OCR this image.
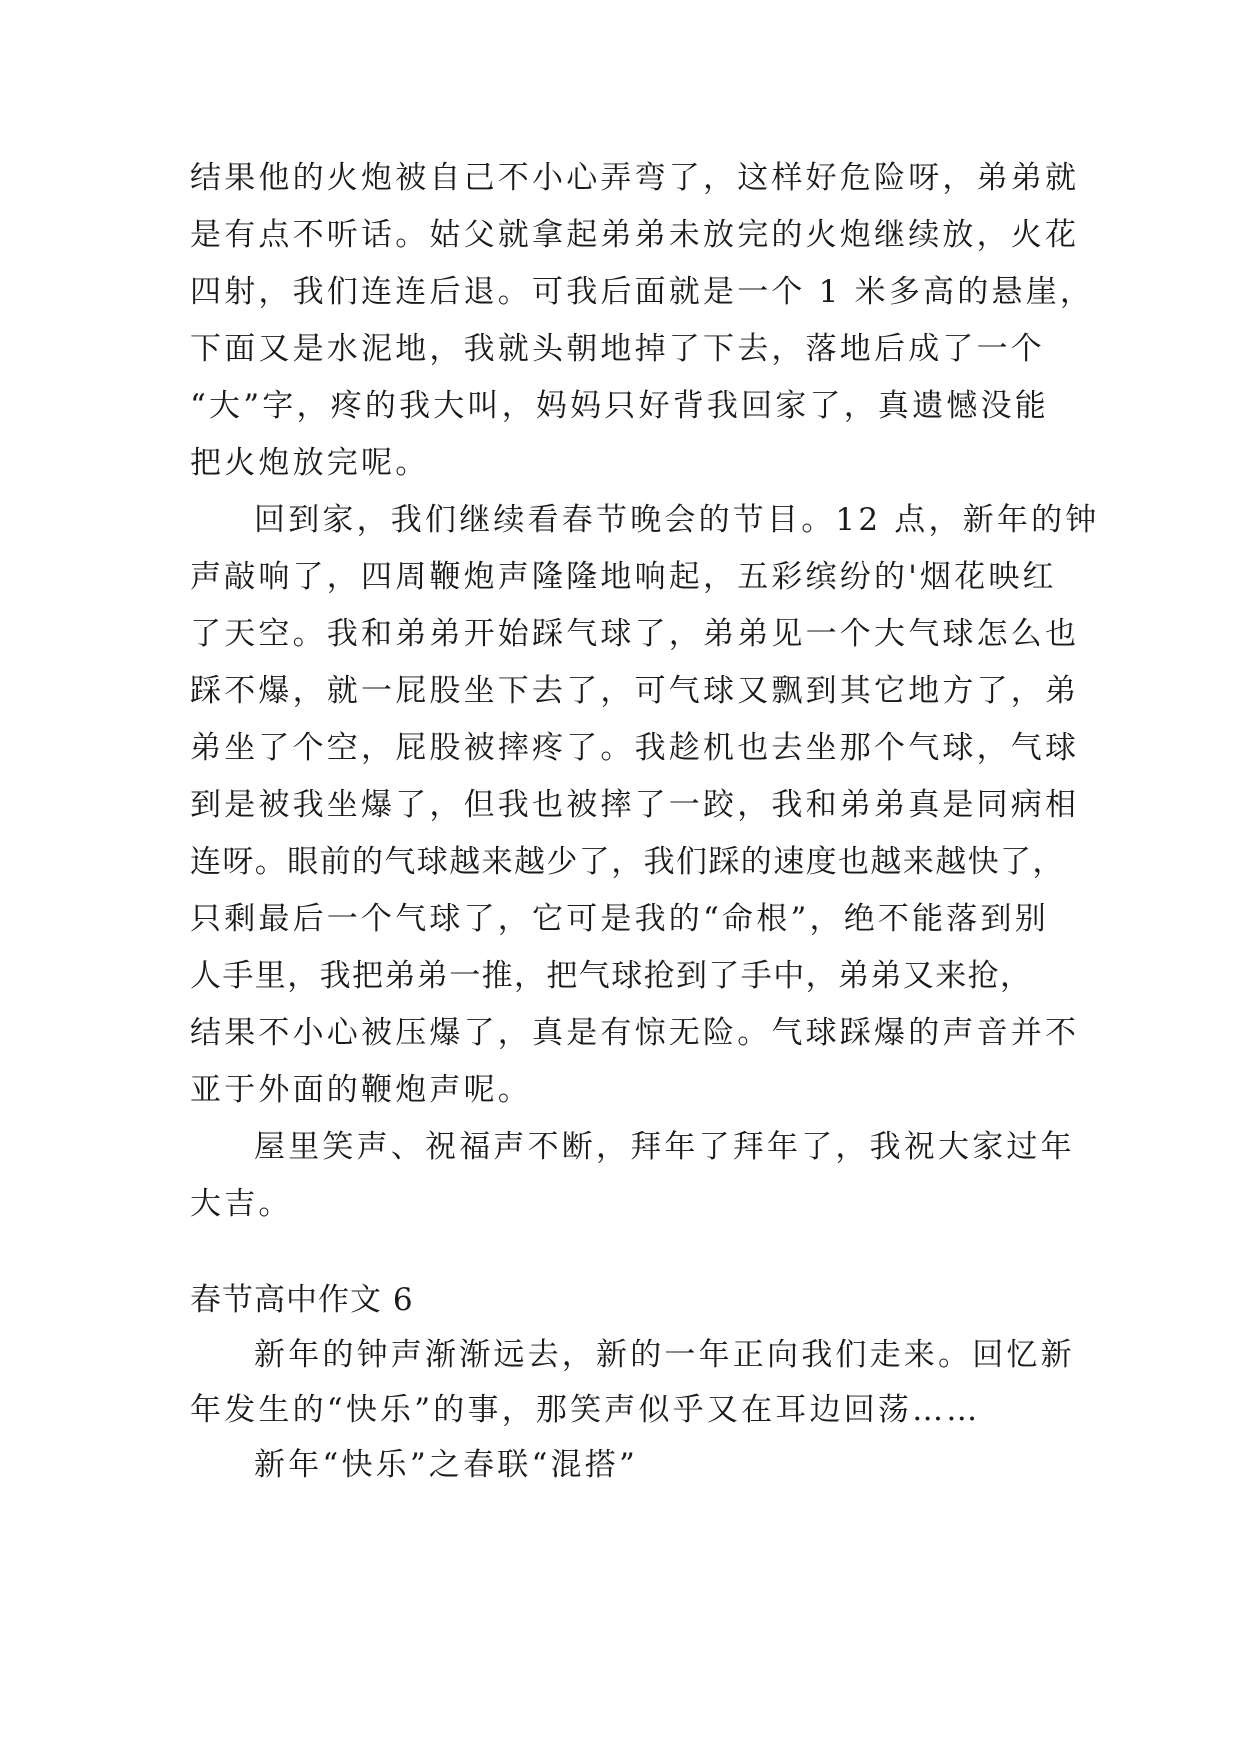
结果他的火炮被自己不小心弄弯了，这样好危险呀，弟弟就
是有点不听话。姑父就拿起弟弟未放完的火炮继续放，火花
四射，我们连连后退。可我后面就是一个 1 米多高的悬崖，
下面又是水泥地，我就头朝地掉了下去，落地后成了一个
“大”字，疼的我大叫，妈妈只好背我回家了，真遗憾没能
把火炮放完呢。
回到家，我们继续看春节晚会的节目。12 点，新年的钟
声敲响了，四周鞭炮声隆隆地响起，五彩缤纷的'烟花映红
了天空。我和弟弟开始踩气球了，弟弟见一个大气球怎么也
踩不爆，就一屁股坐下去了，可气球又飘到其它地方了，弟
弟坐了个空，屁股被摔疼了。我趁机也去坐那个气球，气球
到是被我坐爆了，但我也被摔了一跤，我和弟弟真是同病相
连呀。眼前的气球越来越少了，我们踩的速度也越来越快了，
只剩最后一个气球了，它可是我的“命根”，绝不能落到别
人手里，我把弟弟一推，把气球抢到了手中，弟弟又来抢，
结果不小心被压爆了，真是有惊无险。气球踩爆的声音并不
亚于外面的鞭炮声呢。
屋里笑声、祝福声不断，拜年了拜年了，我祝大家过年
大吉。
春节高中作文 6
新年的钟声渐渐远去，新的一年正向我们走来。回忆新
年发生的“快乐”的事，那笑声似乎又在耳边回荡……
新年“快乐”之春联“混搭”
